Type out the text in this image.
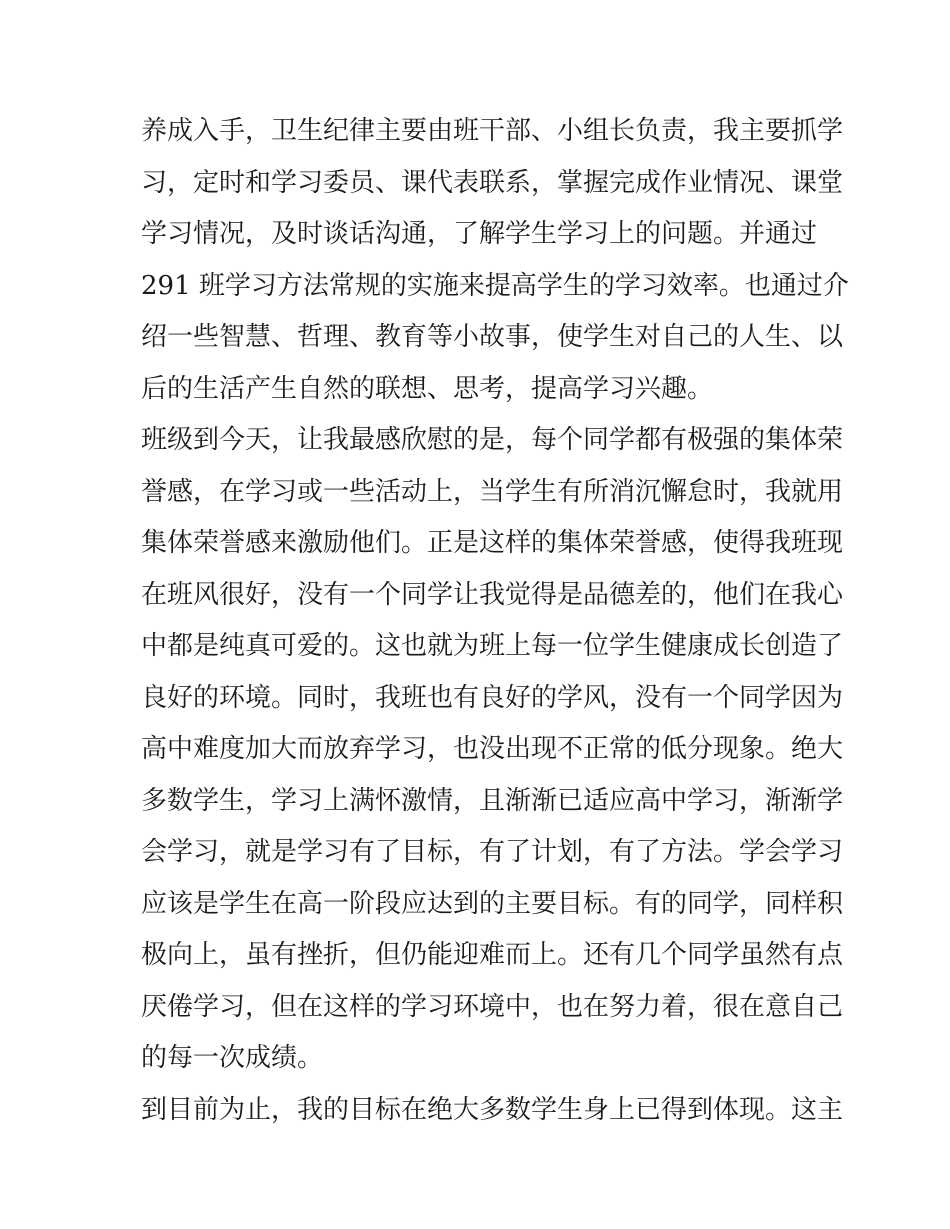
养成入手，卫生纪律主要由班干部、小组长负责，我主要抓学
习，定时和学习委员、课代表联系，掌握完成作业情况、课堂
学习情况，及时谈话沟通，了解学生学习上的问题。并通过
291 班学习方法常规的实施来提高学生的学习效率。也通过介
绍一些智慧、哲理、教育等小故事，使学生对自己的人生、以
后的生活产生自然的联想、思考，提高学习兴趣。
班级到今天，让我最感欣慰的是，每个同学都有极强的集体荣
誉感，在学习或一些活动上，当学生有所消沉懈怠时，我就用
集体荣誉感来激励他们。正是这样的集体荣誉感，使得我班现
在班风很好，没有一个同学让我觉得是品德差的，他们在我心
中都是纯真可爱的。这也就为班上每一位学生健康成长创造了
良好的环境。同时，我班也有良好的学风，没有一个同学因为
高中难度加大而放弃学习，也没出现不正常的低分现象。绝大
多数学生，学习上满怀激情，且渐渐已适应高中学习，渐渐学
会学习，就是学习有了目标，有了计划，有了方法。学会学习
应该是学生在高一阶段应达到的主要目标。有的同学，同样积
极向上，虽有挫折，但仍能迎难而上。还有几个同学虽然有点
厌倦学习，但在这样的学习环境中，也在努力着，很在意自己
的每一次成绩。
到目前为止，我的目标在绝大多数学生身上已得到体现。这主
